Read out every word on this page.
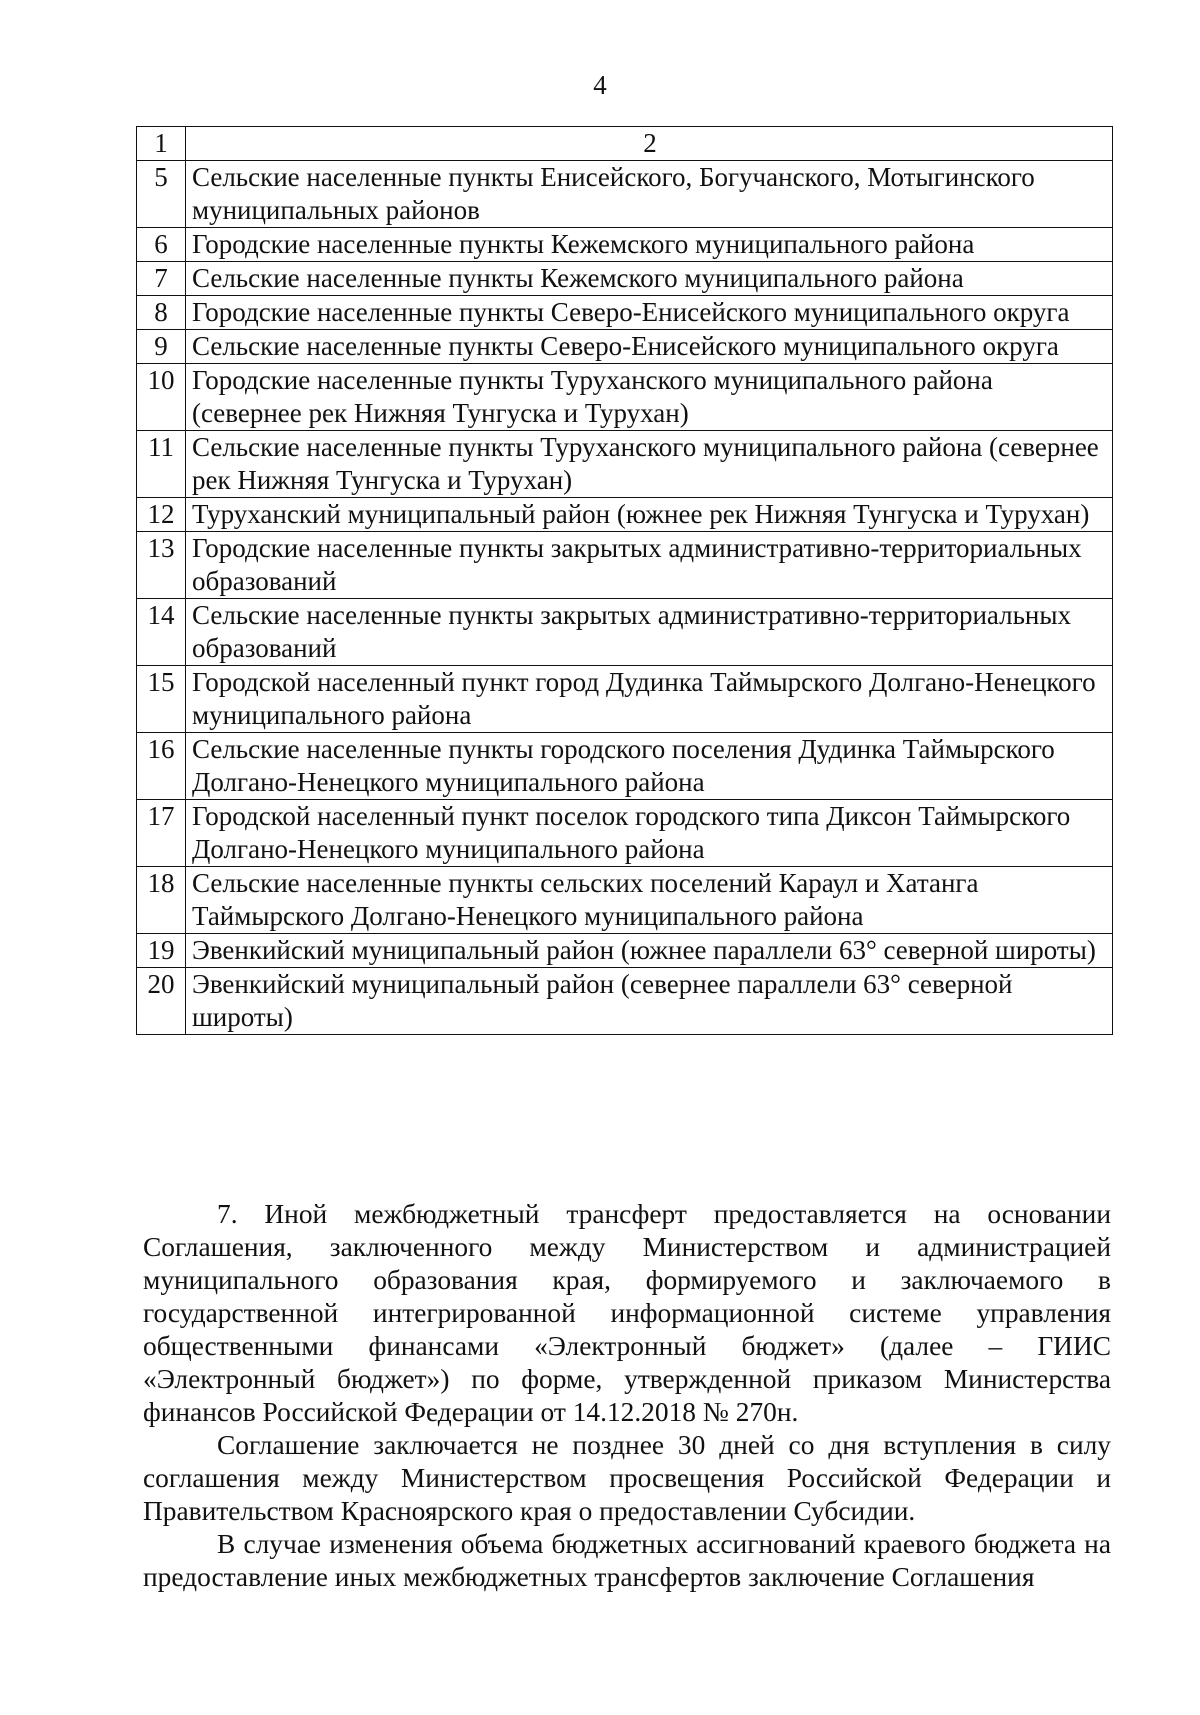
4
1	2
5	Сельские населенные пункты Енисейского, Богучанского, Мотыгинского муниципальных районов
6	Городские населенные пункты Кежемского муниципального района
7	Сельские населенные пункты Кежемского муниципального района
8	Городские населенные пункты Северо-Енисейского муниципального округа
9	Сельские населенные пункты Северо-Енисейского муниципального округа
10	Городские населенные пункты Туруханского муниципального района (севернее рек Нижняя Тунгуска и Турухан)
11	Сельские населенные пункты Туруханского муниципального района (севернее рек Нижняя Тунгуска и Турухан)
12	Туруханский муниципальный район (южнее рек Нижняя Тунгуска и Турухан)
13	Городские населенные пункты закрытых административно-территориальных образований
14	Сельские населенные пункты закрытых административно-территориальных образований
15	Городской населенный пункт город Дудинка Таймырского Долгано-Ненецкого муниципального района
16	Сельские населенные пункты городского поселения Дудинка Таймырского Долгано-Ненецкого муниципального района
17	Городской населенный пункт поселок городского типа Диксон Таймырского Долгано-Ненецкого муниципального района
18	Сельские населенные пункты сельских поселений Караул и Хатанга Таймырского Долгано-Ненецкого муниципального района
19	Эвенкийский муниципальный район (южнее параллели 63° северной широты)
20	Эвенкийский муниципальный район (севернее параллели 63° северной широты)

7. Иной межбюджетный трансферт предоставляется на основании Соглашения, заключенного между Министерством и администрацией муниципального образования края, формируемого и заключаемого в государственной интегрированной информационной системе управления общественными финансами «Электронный бюджет» (далее – ГИИС «Электронный бюджет») по форме, утвержденной приказом Министерства финансов Российской Федерации от 14.12.2018 № 270н.

Соглашение заключается не позднее 30 дней со дня вступления в силу соглашения между Министерством просвещения Российской Федерации и Правительством Красноярского края о предоставлении Субсидии.

В случае изменения объема бюджетных ассигнований краевого бюджета на предоставление иных межбюджетных трансфертов заключение Соглашения
